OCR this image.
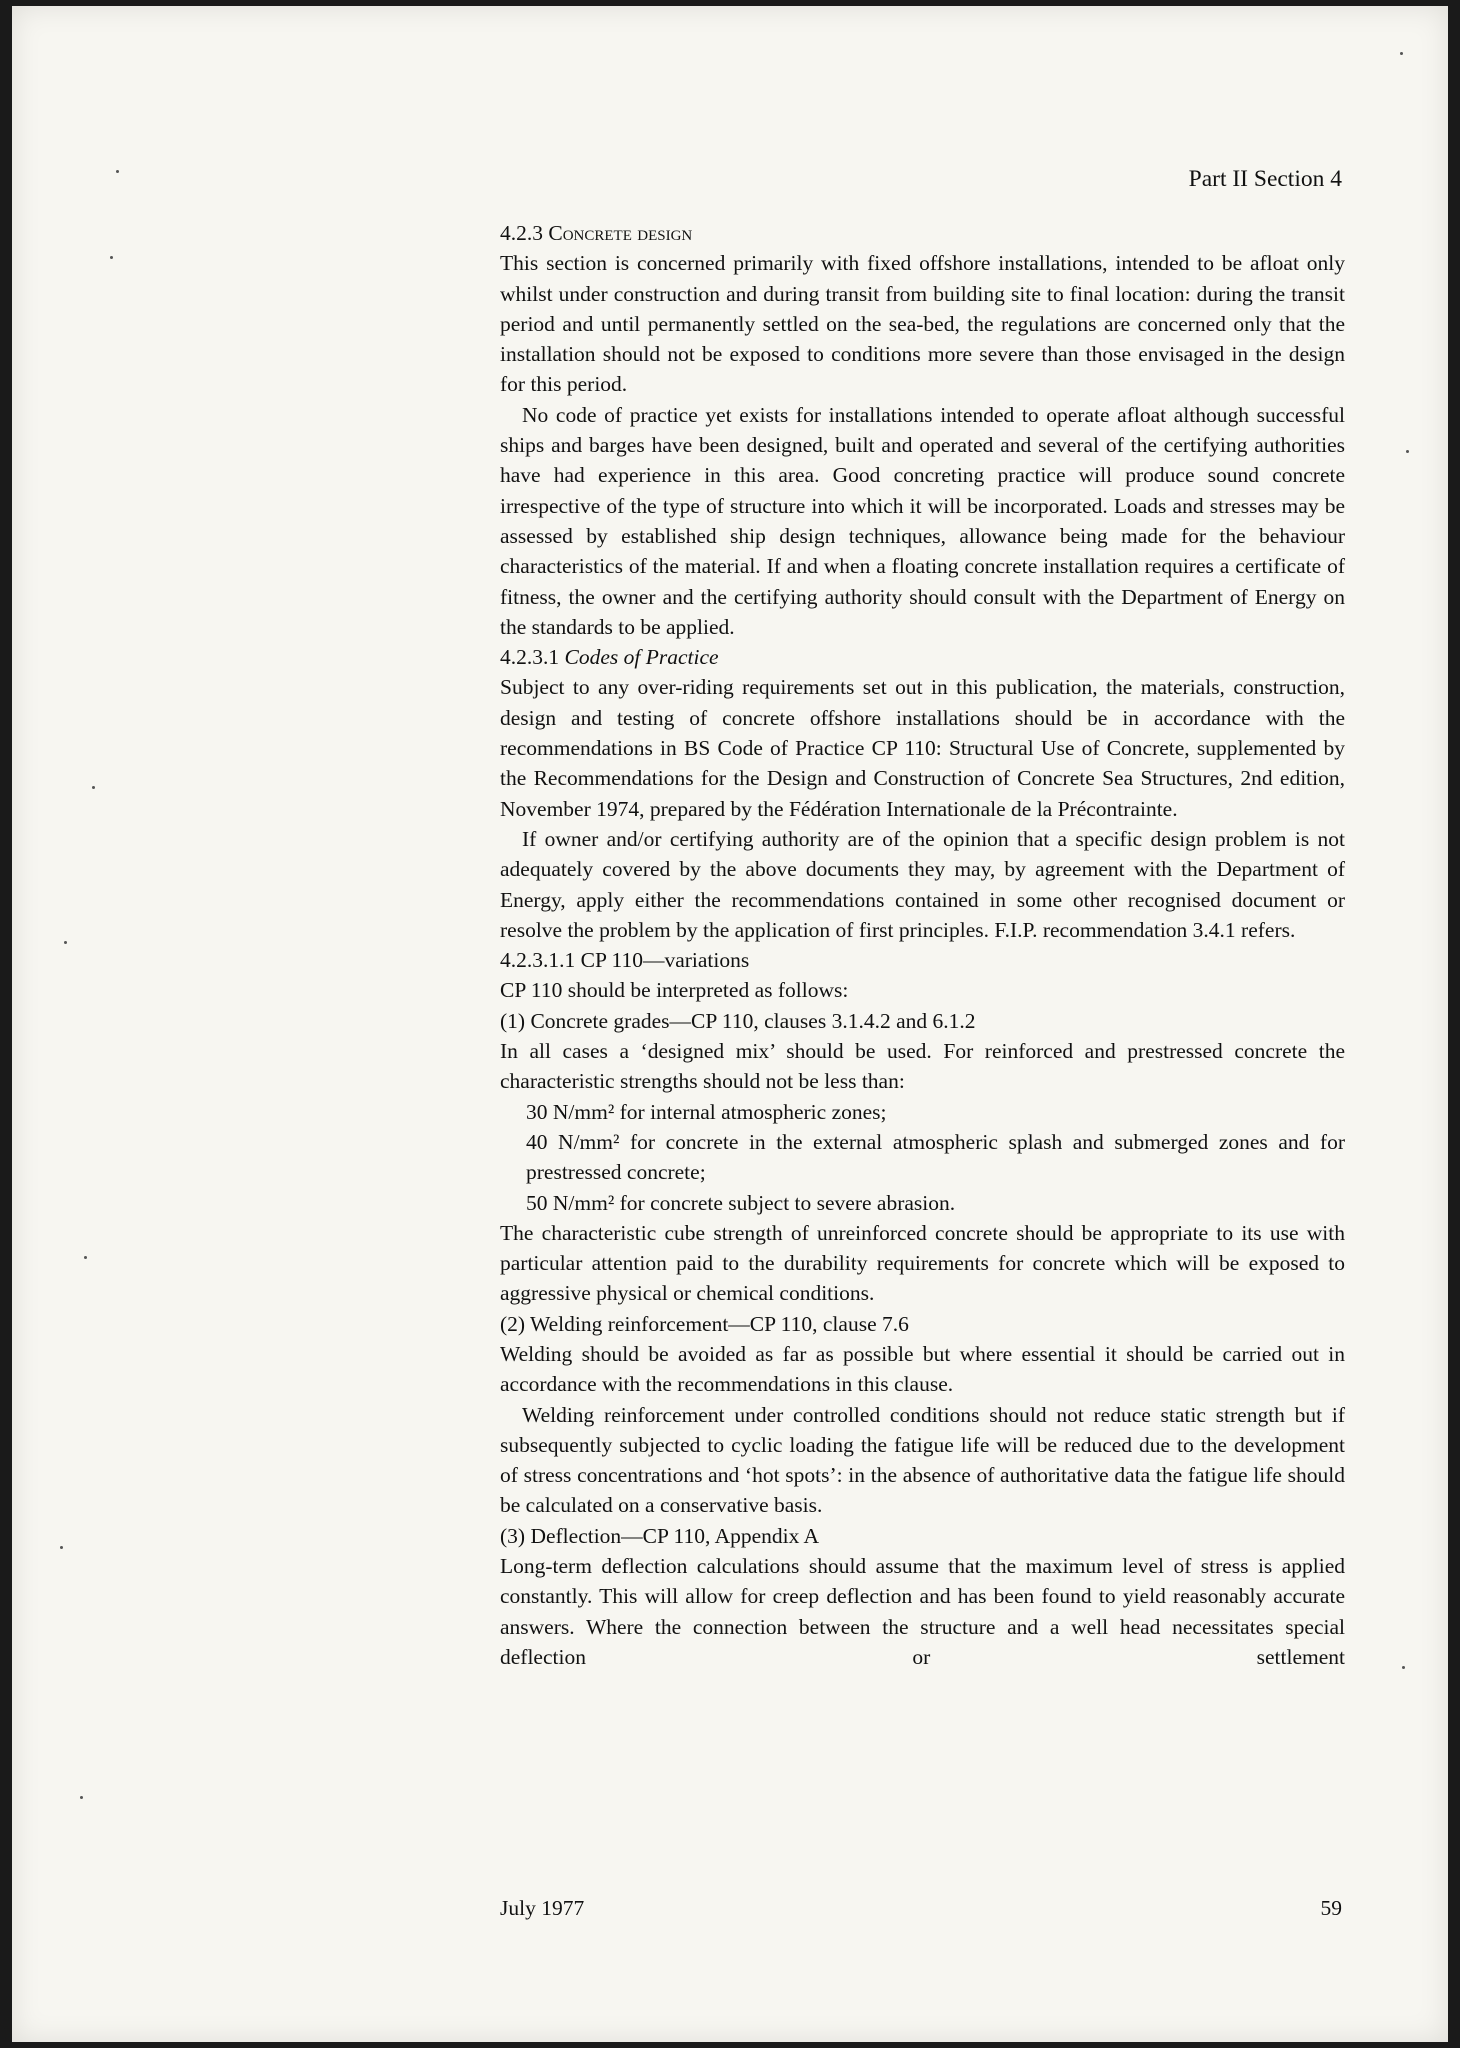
Part II Section 4

4.2.3 Concrete design

This section is concerned primarily with fixed offshore installations, intended to be afloat only whilst under construction and during transit from building site to final location: during the transit period and until permanently settled on the sea-bed, the regulations are concerned only that the installation should not be exposed to conditions more severe than those envisaged in the design for this period.

No code of practice yet exists for installations intended to operate afloat although successful ships and barges have been designed, built and operated and several of the certifying authorities have had experience in this area. Good concreting practice will produce sound concrete irrespective of the type of structure into which it will be incorporated. Loads and stresses may be assessed by established ship design techniques, allowance being made for the behaviour characteristics of the material. If and when a floating concrete installation requires a certificate of fitness, the owner and the certifying authority should consult with the Department of Energy on the standards to be applied.

4.2.3.1 Codes of Practice

Subject to any over-riding requirements set out in this publication, the materials, construction, design and testing of concrete offshore installations should be in accordance with the recommendations in BS Code of Practice CP 110: Structural Use of Concrete, supplemented by the Recommendations for the Design and Construction of Concrete Sea Structures, 2nd edition, November 1974, prepared by the Fédération Internationale de la Précontrainte.

If owner and/or certifying authority are of the opinion that a specific design problem is not adequately covered by the above documents they may, by agreement with the Department of Energy, apply either the recommendations contained in some other recognised document or resolve the problem by the application of first principles. F.I.P. recommendation 3.4.1 refers.

4.2.3.1.1 CP 110—variations

CP 110 should be interpreted as follows:

(1) Concrete grades—CP 110, clauses 3.1.4.2 and 6.1.2

In all cases a ‘designed mix’ should be used. For reinforced and prestressed concrete the characteristic strengths should not be less than:

30 N/mm² for internal atmospheric zones;

40 N/mm² for concrete in the external atmospheric splash and submerged zones and for prestressed concrete;

50 N/mm² for concrete subject to severe abrasion.

The characteristic cube strength of unreinforced concrete should be appropriate to its use with particular attention paid to the durability requirements for concrete which will be exposed to aggressive physical or chemical conditions.

(2) Welding reinforcement—CP 110, clause 7.6

Welding should be avoided as far as possible but where essential it should be carried out in accordance with the recommendations in this clause.

Welding reinforcement under controlled conditions should not reduce static strength but if subsequently subjected to cyclic loading the fatigue life will be reduced due to the development of stress concentrations and ‘hot spots’: in the absence of authoritative data the fatigue life should be calculated on a conservative basis.

(3) Deflection—CP 110, Appendix A

Long-term deflection calculations should assume that the maximum level of stress is applied constantly. This will allow for creep deflection and has been found to yield reasonably accurate answers. Where the connection between the structure and a well head necessitates special deflection or settlement

July 1977	59
